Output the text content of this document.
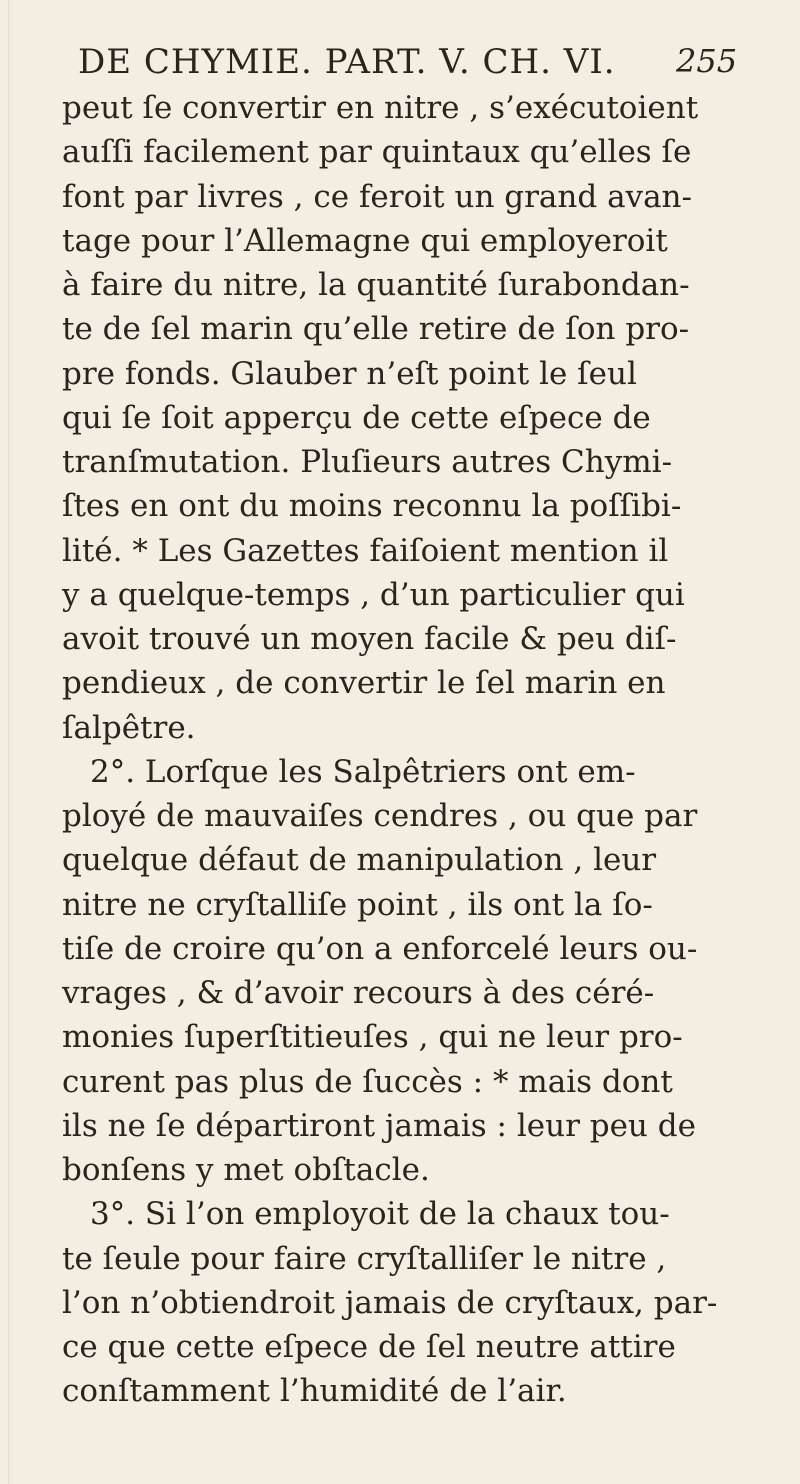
DE CHYMIE. PART. V. CH. VI.	255
peut ſe convertir en nitre , s’exécutoient
auſſi facilement par quintaux qu’elles ſe
font par livres , ce feroit un grand avan-
tage pour l’Allemagne qui employeroit
à faire du nitre, la quantité ſurabondan-
te de ſel marin qu’elle retire de ſon pro-
pre fonds. Glauber n’eſt point le ſeul
qui ſe ſoit apperçu de cette eſpece de
tranſmutation. Pluſieurs autres Chymi-
ſtes en ont du moins reconnu la poſſibi-
lité. * Les Gazettes faiſoient mention il
y a quelque-temps , d’un particulier qui
avoit trouvé un moyen facile & peu diſ-
pendieux , de convertir le ſel marin en
ſalpêtre.
2°. Lorſque les Salpêtriers ont em-
ployé de mauvaiſes cendres , ou que par
quelque défaut de manipulation , leur
nitre ne cryſtalliſe point , ils ont la ſo-
tiſe de croire qu’on a enforcelé leurs ou-
vrages , & d’avoir recours à des céré-
monies ſuperſtitieuſes , qui ne leur pro-
curent pas plus de ſuccès : * mais dont
ils ne ſe départiront jamais : leur peu de
bonſens y met obſtacle.
3°. Si l’on employoit de la chaux tou-
te ſeule pour faire cryſtalliſer le nitre ,
l’on n’obtiendroit jamais de cryſtaux, par-
ce que cette eſpece de ſel neutre attire
conſtamment l’humidité de l’air.
